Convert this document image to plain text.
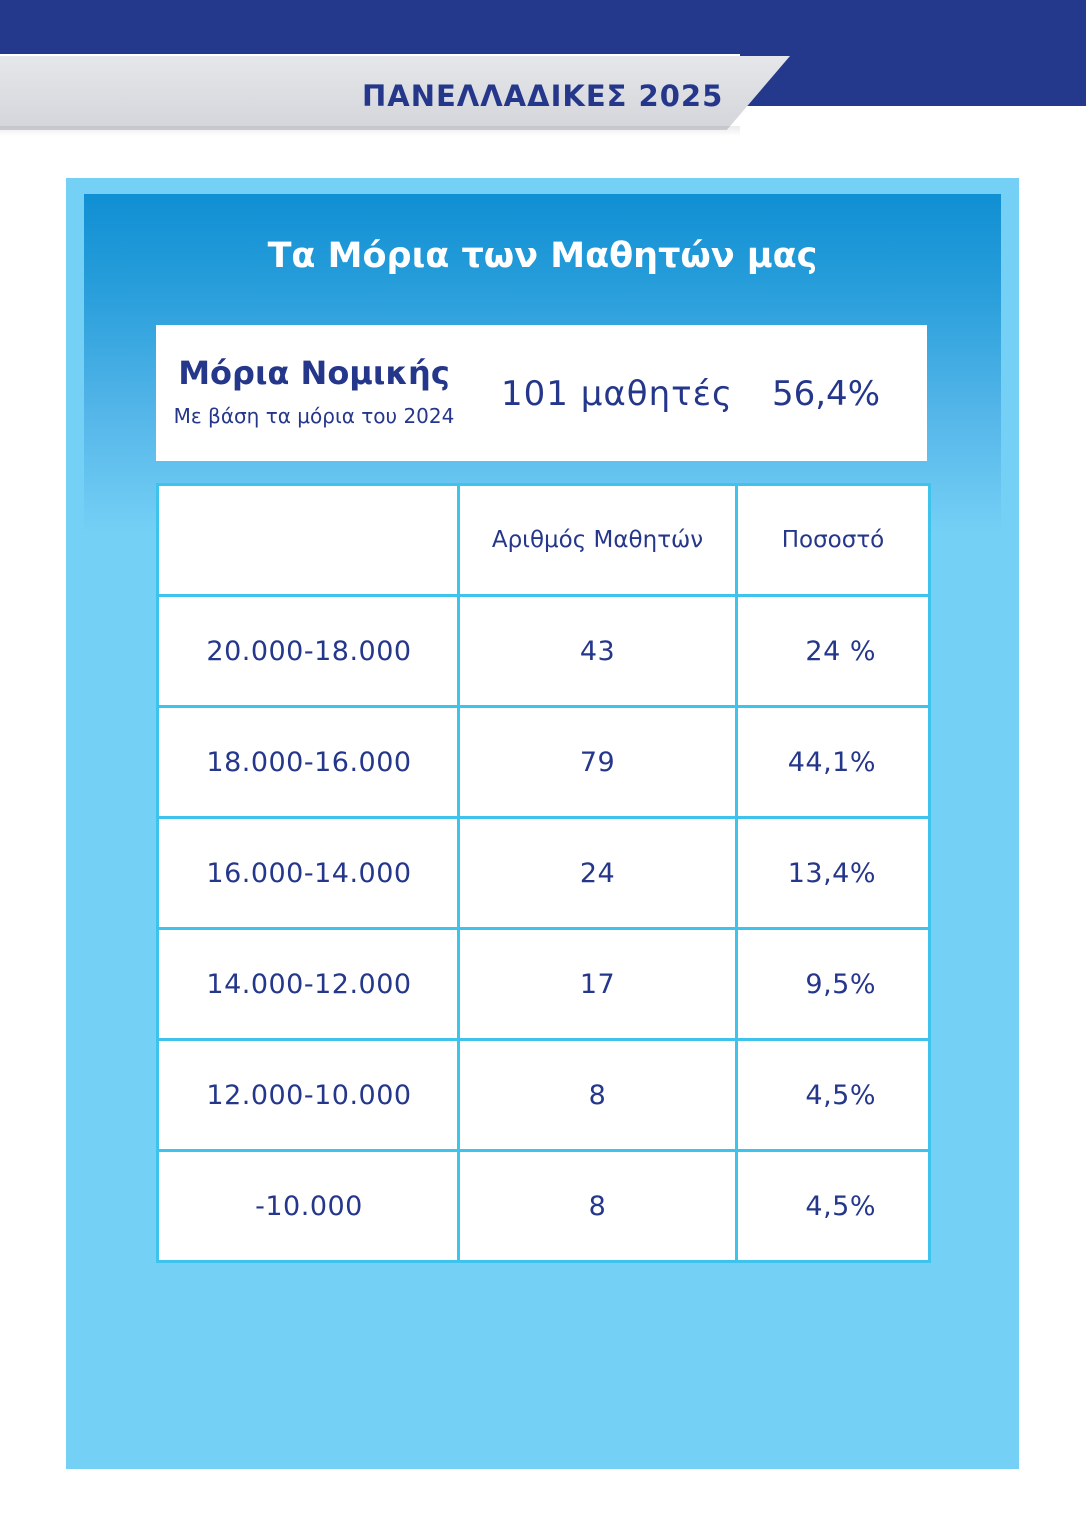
ΠΑΝΕΛΛΑΔΙΚΕΣ 2025
Τα Μόρια των Μαθητών μας
Μόρια Νομικής
Με βάση τα μόρια του 2024
101 μαθητές	56,4%
	Αριθμός Μαθητών	Ποσοστό

20.000-18.000	43	24 %

18.000-16.000	79	44,1%

16.000-14.000	24	13,4%

14.000-12.000	17	9,5%

12.000-10.000	8	4,5%

-10.000	8	4,5%
